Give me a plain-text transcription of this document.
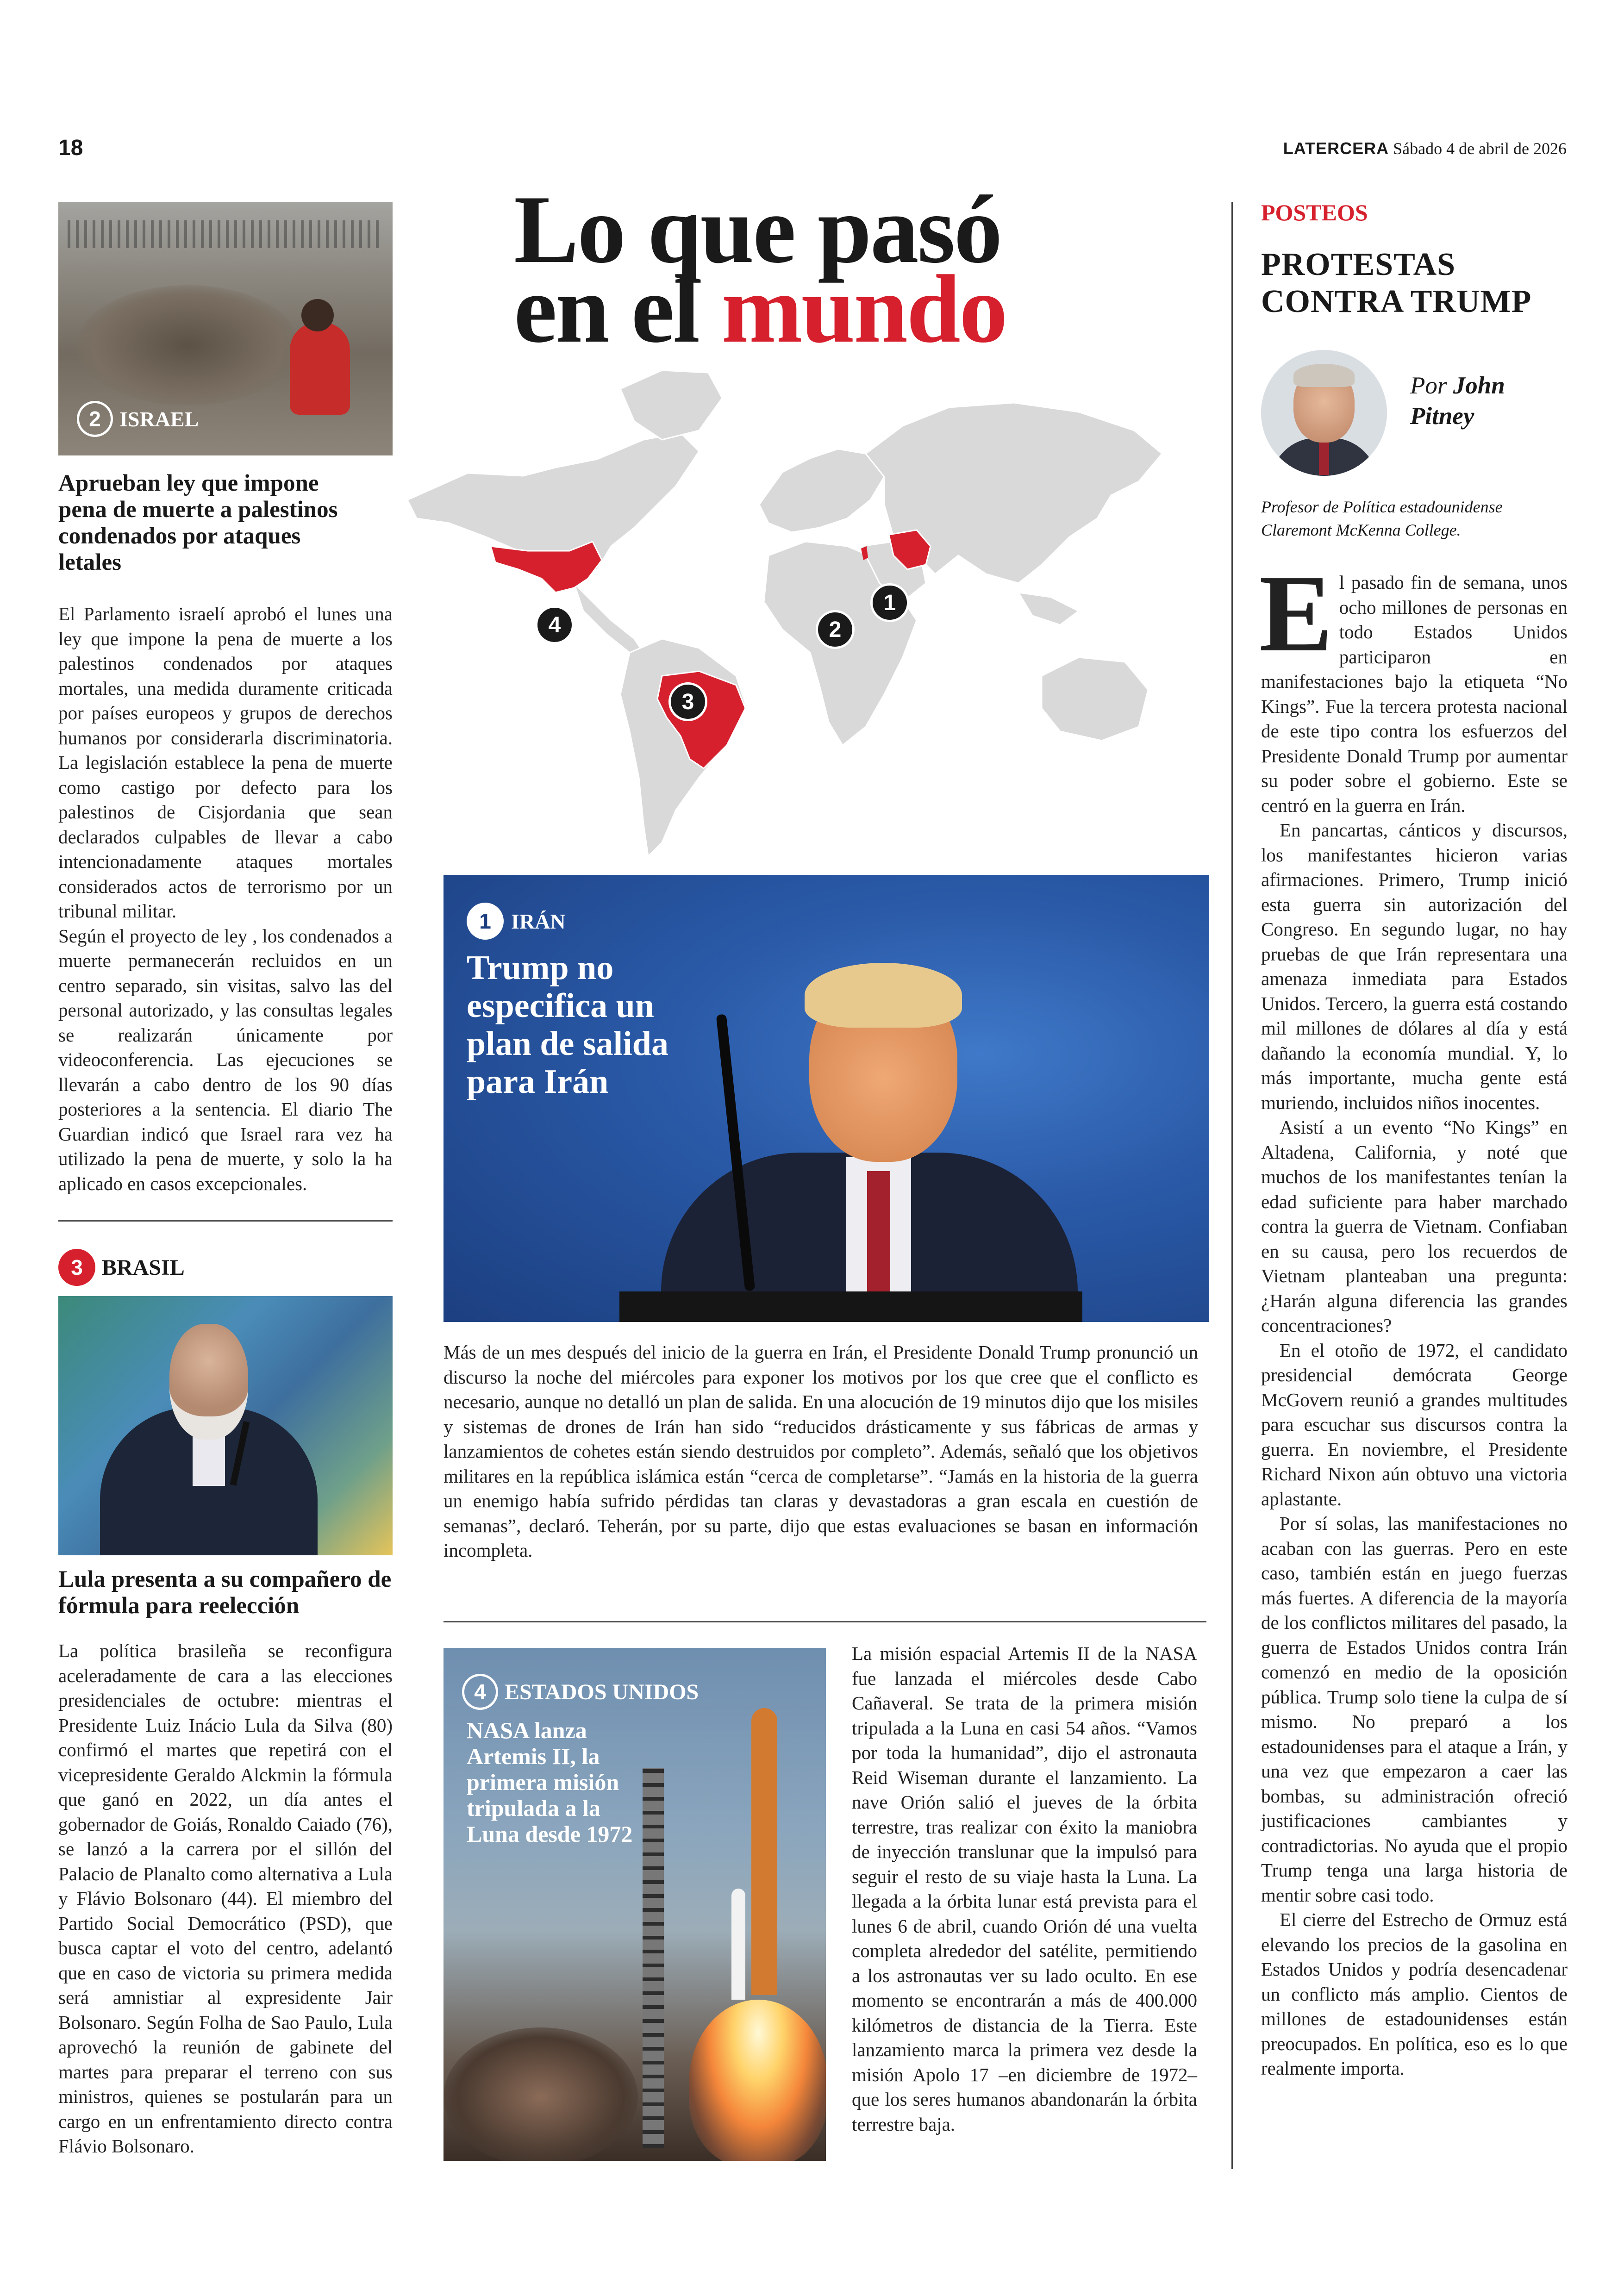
18	LATERCERA Sábado 4 de abril de 2026
Lo que pasó
en el mundo
1
2
3
4
2 ISRAEL
Aprueban ley que impone pena de muerte a palestinos condenados por ataques letales

El Parlamento israelí aprobó el lunes una ley que impone la pena de muerte a los palestinos condenados por ataques mortales, una medida duramente criticada por países europeos y grupos de derechos humanos por considerarla discriminatoria. La legislación establece la pena de muerte como castigo por defecto para los palestinos de Cisjordania que sean declarados culpables de llevar a cabo intencionadamente ataques mortales considerados actos de terrorismo por un tribunal militar.

Según el proyecto de ley , los condenados a muerte permanecerán recluidos en un centro separado, sin visitas, salvo las del personal autorizado, y las consultas legales se realizarán únicamente por videoconferencia. Las ejecuciones se llevarán a cabo dentro de los 90 días posteriores a la sentencia. El diario The Guardian indicó que Israel rara vez ha utilizado la pena de muerte, y solo la ha aplicado en casos excepcionales.

3 BRASIL
Lula presenta a su compañero de fórmula para reelección

La política brasileña se reconfigura aceleradamente de cara a las elecciones presidenciales de octubre: mientras el Presidente Luiz Inácio Lula da Silva (80) confirmó el martes que repetirá con el vicepresidente Geraldo Alckmin la fórmula que ganó en 2022, un día antes el gobernador de Goiás, Ronaldo Caiado (76), se lanzó a la carrera por el sillón del Palacio de Planalto como alternativa a Lula y Flávio Bolsonaro (44). El miembro del Partido Social Democrático (PSD), que busca captar el voto del centro, adelantó que en caso de victoria su primera medida será amnistiar al expresidente Jair Bolsonaro. Según Folha de Sao Paulo, Lula aprovechó la reunión de gabinete del martes para preparar el terreno con sus ministros, quienes se postularán para un cargo en un enfrentamiento directo contra Flávio Bolsonaro.

1 IRÁN
Trump no especifica un plan de salida para Irán

Más de un mes después del inicio de la guerra en Irán, el Presidente Donald Trump pronunció un discurso la noche del miércoles para exponer los motivos por los que cree que el conflicto es necesario, aunque no detalló un plan de salida. En una alocución de 19 minutos dijo que los misiles y sistemas de drones de Irán han sido “reducidos drásticamente y sus fábricas de armas y lanzamientos de cohetes están siendo destruidos por completo”. Además, señaló que los objetivos militares en la república islámica están “cerca de completarse”. “Jamás en la historia de la guerra un enemigo había sufrido pérdidas tan claras y devastadoras a gran escala en cuestión de semanas”, declaró. Teherán, por su parte, dijo que estas evaluaciones se basan en información incompleta.

4 ESTADOS UNIDOS
NASA lanza Artemis II, la primera misión tripulada a la Luna desde 1972

La misión espacial Artemis II de la NASA fue lanzada el miércoles desde Cabo Cañaveral. Se trata de la primera misión tripulada a la Luna en casi 54 años. “Vamos por toda la humanidad”, dijo el astronauta Reid Wiseman durante el lanzamiento. La nave Orión salió el jueves de la órbita terrestre, tras realizar con éxito la maniobra de inyección translunar que la impulsó para seguir el resto de su viaje hasta la Luna. La llegada a la órbita lunar está prevista para el lunes 6 de abril, cuando Orión dé una vuelta completa alrededor del satélite, permitiendo a los astronautas ver su lado oculto. En ese momento se encontrarán a más de 400.000 kilómetros de distancia de la Tierra. Este lanzamiento marca la primera vez desde la misión Apolo 17 –en diciembre de 1972– que los seres humanos abandonarán la órbita terrestre baja.

POSTEOS
PROTESTAS
CONTRA TRUMP
Por John Pitney
Profesor de Política estadounidense Claremont McKenna College.

E l pasado fin de semana, unos ocho millones de personas en todo Estados Unidos participaron en manifestaciones bajo la etiqueta “No Kings”. Fue la tercera protesta nacional de este tipo contra los esfuerzos del Presidente Donald Trump por aumentar su poder sobre el gobierno. Este se centró en la guerra en Irán.

En pancartas, cánticos y discursos, los manifestantes hicieron varias afirmaciones. Primero, Trump inició esta guerra sin autorización del Congreso. En segundo lugar, no hay pruebas de que Irán representara una amenaza inmediata para Estados Unidos. Tercero, la guerra está costando mil millones de dólares al día y está dañando la economía mundial. Y, lo más importante, mucha gente está muriendo, incluidos niños inocentes.

Asistí a un evento “No Kings” en Altadena, California, y noté que muchos de los manifestantes tenían la edad suficiente para haber marchado contra la guerra de Vietnam. Confiaban en su causa, pero los recuerdos de Vietnam planteaban una pregunta: ¿Harán alguna diferencia las grandes concentraciones?

En el otoño de 1972, el candidato presidencial demócrata George McGovern reunió a grandes multitudes para escuchar sus discursos contra la guerra. En noviembre, el Presidente Richard Nixon aún obtuvo una victoria aplastante.

Por sí solas, las manifestaciones no acaban con las guerras. Pero en este caso, también están en juego fuerzas más fuertes. A diferencia de la mayoría de los conflictos militares del pasado, la guerra de Estados Unidos contra Irán comenzó en medio de la oposición pública. Trump solo tiene la culpa de sí mismo. No preparó a los estadounidenses para el ataque a Irán, y una vez que empezaron a caer las bombas, su administración ofreció justificaciones cambiantes y contradictorias. No ayuda que el propio Trump tenga una larga historia de mentir sobre casi todo.

El cierre del Estrecho de Ormuz está elevando los precios de la gasolina en Estados Unidos y podría desencadenar un conflicto más amplio. Cientos de millones de estadounidenses están preocupados. En política, eso es lo que realmente importa.
